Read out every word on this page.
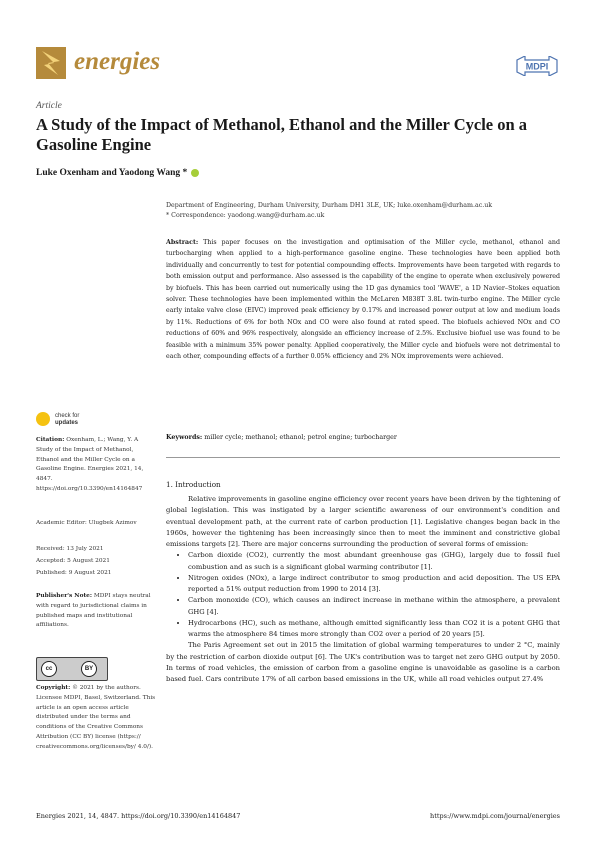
energies	MDPI
Article
A Study of the Impact of Methanol, Ethanol and the Miller Cycle on a Gasoline Engine
Luke Oxenham and Yaodong Wang *
Department of Engineering, Durham University, Durham DH1 3LE, UK; luke.oxenham@durham.ac.uk
* Correspondence: yaodong.wang@durham.ac.uk
Abstract: This paper focuses on the investigation and optimisation of the Miller cycle, methanol, ethanol and turbocharging when applied to a high-performance gasoline engine. These technologies have been applied both individually and concurrently to test for potential compounding effects. Improvements have been targeted with regards to both emission output and performance. Also assessed is the capability of the engine to operate when exclusively powered by biofuels. This has been carried out numerically using the 1D gas dynamics tool 'WAVE', a 1D Navier–Stokes equation solver. These technologies have been implemented within the McLaren M838T 3.8L twin-turbo engine. The Miller cycle early intake valve close (EIVC) improved peak efficiency by 0.17% and increased power output at low and medium loads by 11%. Reductions of 6% for both NOx and CO were also found at rated speed. The biofuels achieved NOx and CO reductions of 60% and 96% respectively, alongside an efficiency increase of 2.5%. Exclusive biofuel use was found to be feasible with a minimum 35% power penalty. Applied cooperatively, the Miller cycle and biofuels were not detrimental to each other, compounding effects of a further 0.05% efficiency and 2% NOx improvements were achieved.
Keywords: miller cycle; methanol; ethanol; petrol engine; turbocharger
1. Introduction

Relative improvements in gasoline engine efficiency over recent years have been driven by the tightening of global legislation. This was instigated by a larger scientific awareness of our environment's condition and eventual development path, at the current rate of carbon production [1]. Legislative changes began back in the 1960s, however the tightening has been increasingly since then to meet the imminent and constrictive global emissions targets [2]. There are major concerns surrounding the production of several forms of emission:

• Carbon dioxide (CO2), currently the most abundant greenhouse gas (GHG), largely due to fossil fuel combustion and as such is a significant global warming contributor [1].
• Nitrogen oxides (NOx), a large indirect contributor to smog production and acid deposition. The US EPA reported a 51% output reduction from 1990 to 2014 [3].
• Carbon monoxide (CO), which causes an indirect increase in methane within the atmosphere, a prevalent GHG [4].
• Hydrocarbons (HC), such as methane, although emitted significantly less than CO2 it is a potent GHG that warms the atmosphere 84 times more strongly than CO2 over a period of 20 years [5].

The Paris Agreement set out in 2015 the limitation of global warming temperatures to under 2 °C, mainly by the restriction of carbon dioxide output [6]. The UK's contribution was to target net zero GHG output by 2050. In terms of road vehicles, the emission of carbon from a gasoline engine is unavoidable as gasoline is a carbon based fuel. Cars contribute 17% of all carbon based emissions in the UK, while all road vehicles output 27.4%

check for
updates
Citation: Oxenham, L.; Wang, Y. A Study of the Impact of Methanol, Ethanol and the Miller Cycle on a Gasoline Engine. Energies 2021, 14, 4847. https://doi.org/10.3390/en14164847
Academic Editor: Ulugbek Azimov
Received: 13 July 2021
Accepted: 5 August 2021
Published: 9 August 2021
Publisher's Note: MDPI stays neutral with regard to jurisdictional claims in published maps and institutional affiliations.
cc	BY
Copyright: © 2021 by the authors. Licensee MDPI, Basel, Switzerland. This article is an open access article distributed under the terms and conditions of the Creative Commons Attribution (CC BY) license (https:// creativecommons.org/licenses/by/ 4.0/).
Energies 2021, 14, 4847. https://doi.org/10.3390/en14164847	https://www.mdpi.com/journal/energies
